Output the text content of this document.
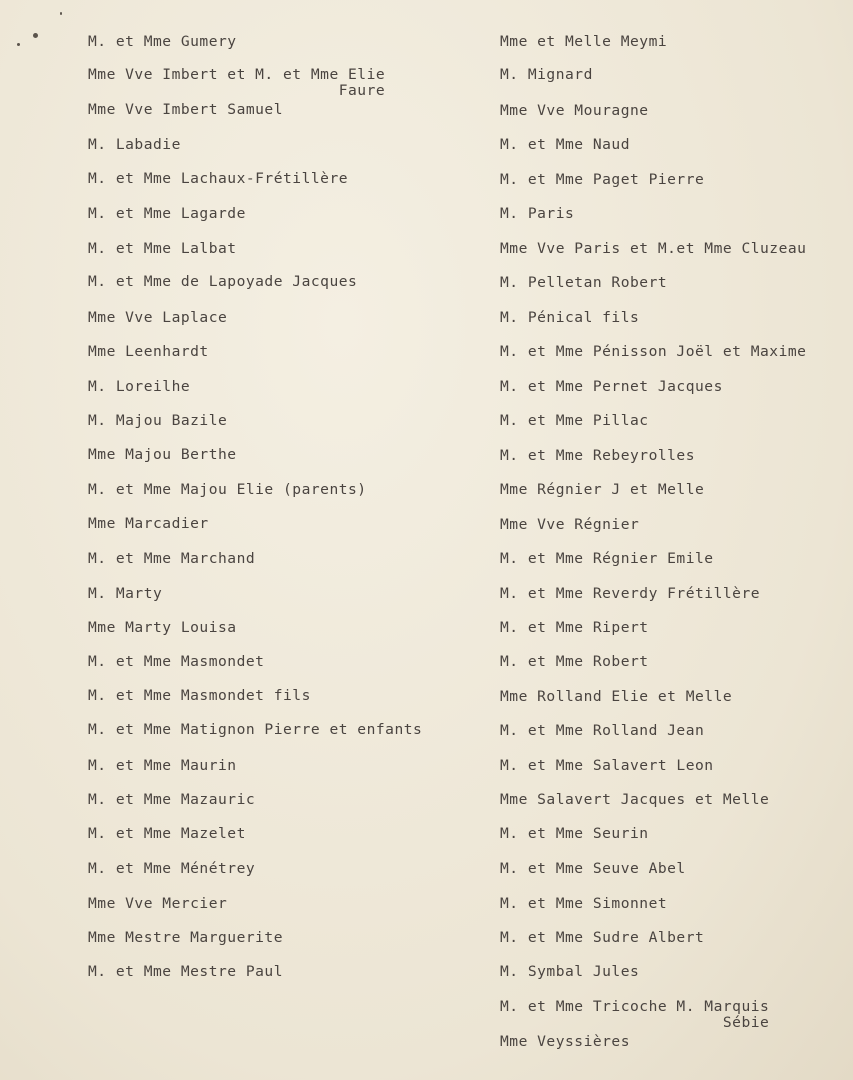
M. et Mme Gumery
Mme Vve Imbert et M. et Mme Elie
Faure
Mme Vve Imbert Samuel
M. Labadie
M. et Mme Lachaux-Frétillère
M. et Mme Lagarde
M. et Mme Lalbat
M. et Mme de Lapoyade Jacques
Mme Vve Laplace
Mme Leenhardt
M. Loreilhe
M. Majou Bazile
Mme Majou Berthe
M. et Mme Majou Elie (parents)
Mme Marcadier
M. et Mme Marchand
M. Marty
Mme Marty Louisa
M. et Mme Masmondet
M. et Mme Masmondet fils
M. et Mme Matignon Pierre et enfants
M. et Mme Maurin
M. et Mme Mazauric
M. et Mme Mazelet
M. et Mme Ménétrey
Mme Vve Mercier
Mme Mestre Marguerite
M. et Mme Mestre Paul
Mme et Melle Meymi
M. Mignard
Mme Vve Mouragne
M. et Mme Naud
M. et Mme Paget Pierre
M. Paris
Mme Vve Paris et M.et Mme Cluzeau
M. Pelletan Robert
M. Pénical fils
M. et Mme Pénisson Joël et Maxime
M. et Mme Pernet Jacques
M. et Mme Pillac
M. et Mme Rebeyrolles
Mme Régnier J et Melle
Mme Vve Régnier
M. et Mme Régnier Emile
M. et Mme Reverdy Frétillère
M. et Mme Ripert
M. et Mme Robert
Mme Rolland Elie et Melle
M. et Mme Rolland Jean
M. et Mme Salavert Leon
Mme Salavert Jacques et Melle
M. et Mme Seurin
M. et Mme Seuve Abel
M. et Mme Simonnet
M. et Mme Sudre Albert
M. Symbal Jules
M. et Mme Tricoche M. Marquis
Sébie
Mme Veyssières
